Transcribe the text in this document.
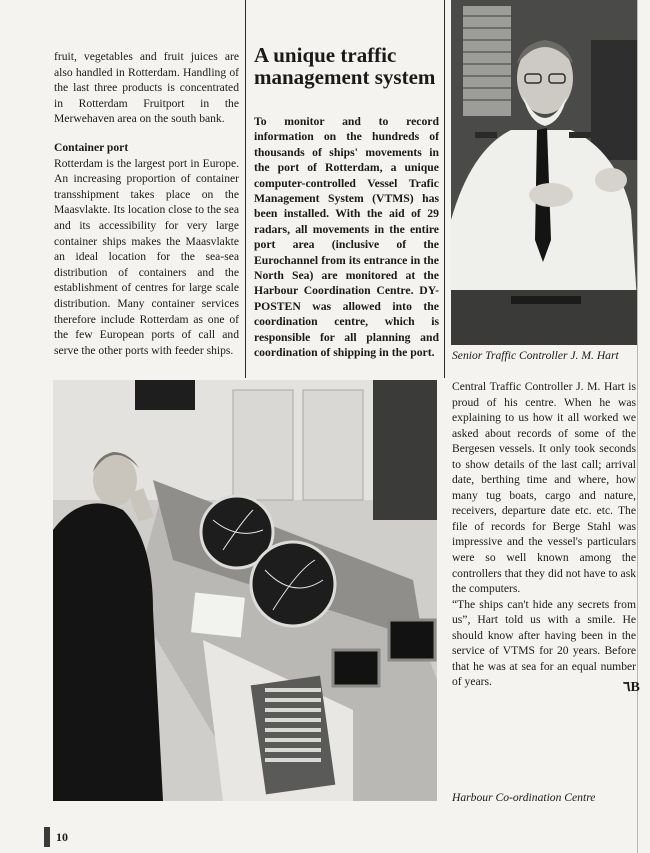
fruit, vegetables and fruit juices are also handled in Rotterdam. Handling of the last three products is concentrated in Rotterdam Fruitport in the Merwehaven area on the south bank.

Container port

Rotterdam is the largest port in Europe. An increasing proportion of container transshipment takes place on the Maasvlakte. Its location close to the sea and its accessibility for very large container ships makes the Maasvlakte an ideal location for the sea-sea distribution of containers and the establishment of centres for large scale distribution. Many container services therefore include Rotterdam as one of the few European ports of call and serve the other ports with feeder ships.

A unique traffic management system

To monitor and to record information on the hundreds of thousands of ships' movements in the port of Rotterdam, a unique computer-controlled Vessel Trafic Management System (VTMS) has been installed. With the aid of 29 radars, all movements in the entire port area (inclusive of the Eurochannel from its entrance in the North Sea) are monitored at the Harbour Coordination Centre. DY-POSTEN was allowed into the coordination centre, which is responsible for all planning and coordination of shipping in the port.	Senior Traffic Controller J. M. Hart

Central Traffic Controller J. M. Hart is proud of his centre. When he was explaining to us how it all worked we asked about records of some of the Bergesen vessels. It only took seconds to show details of the last call; arrival date, berthing time and where, how many tug boats, cargo and nature, receivers, departure date etc. etc. The file of records for Berge Stahl was impressive and the vessel's particulars were so well known among the controllers that they did not have to ask the computers.

“The ships can't hide any secrets from us”, Hart told us with a smile. He should know after having been in the service of VTMS for 20 years. Before that he was at sea for an equal number of years.	٦B
Harbour Co-ordination Centre
10
